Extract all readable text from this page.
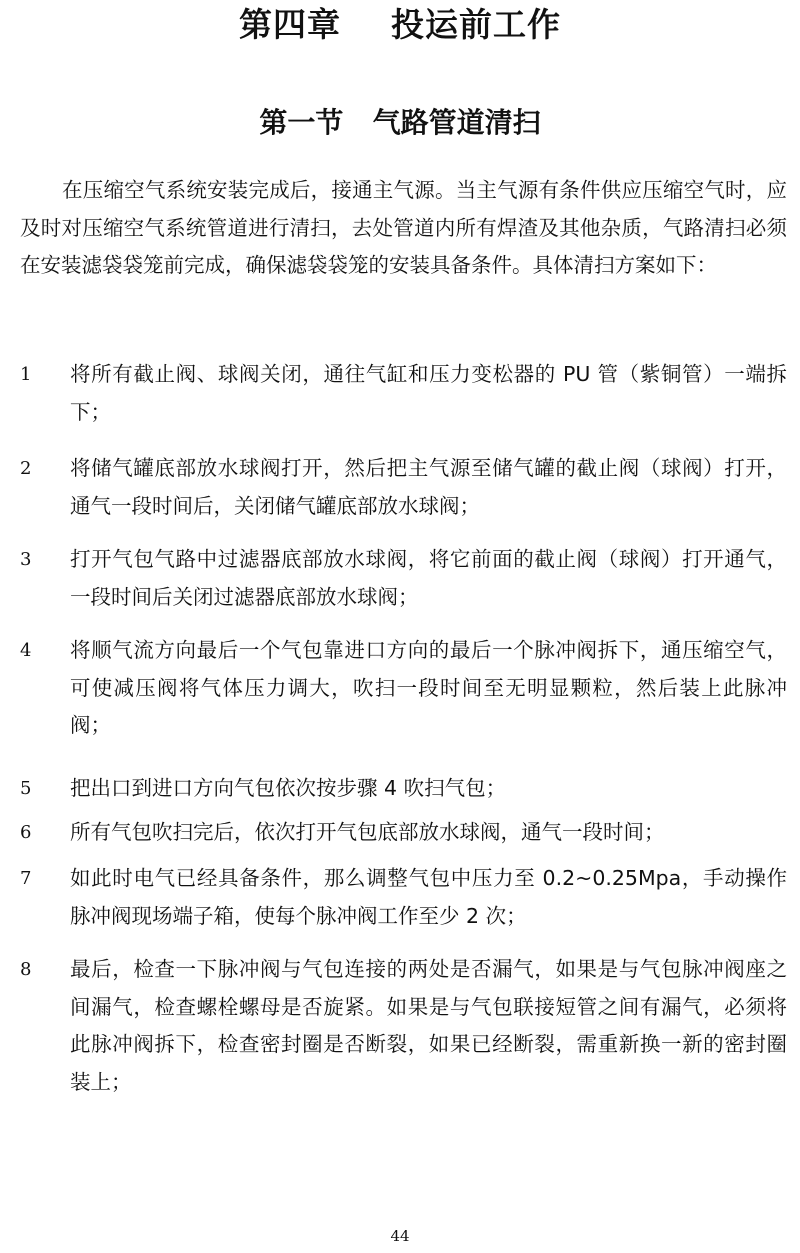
第四章    投运前工作
第一节   气路管道清扫

在压缩空气系统安装完成后，接通主气源。当主气源有条件供应压缩空气时，应及时对压缩空气系统管道进行清扫，去处管道内所有焊渣及其他杂质，气路清扫必须在安装滤袋袋笼前完成，确保滤袋袋笼的安装具备条件。具体清扫方案如下：

1	将所有截止阀、球阀关闭，通往气缸和压力变松器的 PU 管（紫铜管）一端拆下；

2	将储气罐底部放水球阀打开，然后把主气源至储气罐的截止阀（球阀）打开，通气一段时间后，关闭储气罐底部放水球阀；

3	打开气包气路中过滤器底部放水球阀，将它前面的截止阀（球阀）打开通气，一段时间后关闭过滤器底部放水球阀；

4	将顺气流方向最后一个气包靠进口方向的最后一个脉冲阀拆下，通压缩空气，可使减压阀将气体压力调大，吹扫一段时间至无明显颗粒，然后装上此脉冲阀；

5	把出口到进口方向气包依次按步骤 4 吹扫气包；

6	所有气包吹扫完后，依次打开气包底部放水球阀，通气一段时间；

7	如此时电气已经具备条件，那么调整气包中压力至 0.2~0.25Mpa，手动操作脉冲阀现场端子箱，使每个脉冲阀工作至少 2 次；

8	最后，检查一下脉冲阀与气包连接的两处是否漏气，如果是与气包脉冲阀座之间漏气，检查螺栓螺母是否旋紧。如果是与气包联接短管之间有漏气，必须将此脉冲阀拆下，检查密封圈是否断裂，如果已经断裂，需重新换一新的密封圈装上；

44
